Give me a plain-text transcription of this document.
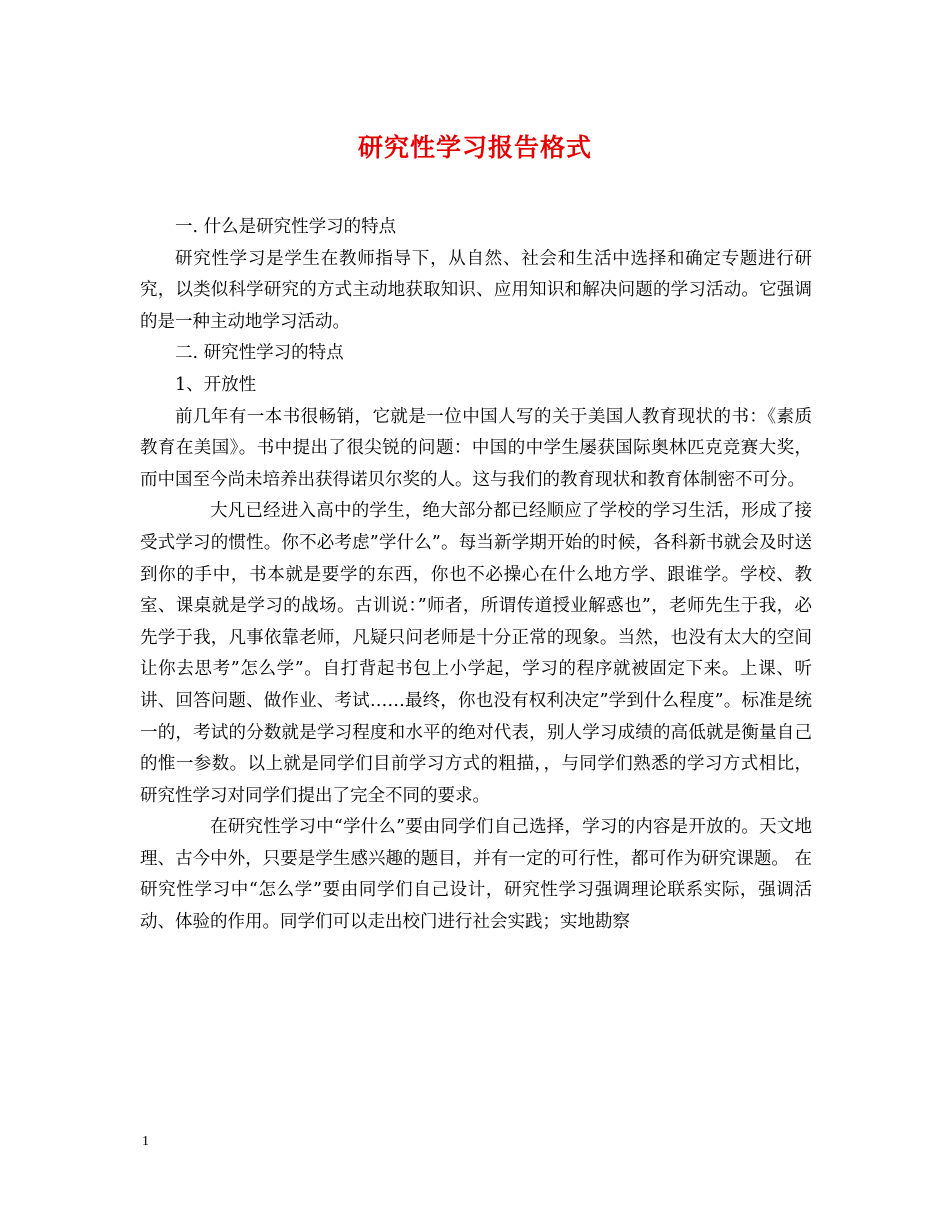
研究性学习报告格式

一. 什么是研究性学习的特点

研究性学习是学生在教师指导下，从自然、社会和生活中选择和确定专题进行研究，以类似科学研究的方式主动地获取知识、应用知识和解决问题的学习活动。它强调的是一种主动地学习活动。

二. 研究性学习的特点

1、开放性

前几年有一本书很畅销，它就是一位中国人写的关于美国人教育现状的书：《素质教育在美国》。书中提出了很尖锐的问题：中国的中学生屡获国际奥林匹克竞赛大奖，而中国至今尚未培养出获得诺贝尔奖的人。这与我们的教育现状和教育体制密不可分。

大凡已经进入高中的学生，绝大部分都已经顺应了学校的学习生活，形成了接受式学习的惯性。你不必考虑”学什么”。每当新学期开始的时候，各科新书就会及时送到你的手中，书本就是要学的东西，你也不必操心在什么地方学、跟谁学。学校、教室、课桌就是学习的战场。古训说：”师者，所谓传道授业解惑也”，老师先生于我，必先学于我，凡事依靠老师，凡疑只问老师是十分正常的现象。当然，也没有太大的空间让你去思考”怎么学”。自打背起书包上小学起，学习的程序就被固定下来。上课、听讲、回答问题、做作业、考试……最终，你也没有权利决定”学到什么程度”。标准是统一的，考试的分数就是学习程度和水平的绝对代表，别人学习成绩的高低就是衡量自己的惟一参数。以上就是同学们目前学习方式的粗描，，与同学们熟悉的学习方式相比，研究性学习对同学们提出了完全不同的要求。

在研究性学习中“学什么”要由同学们自己选择，学习的内容是开放的。天文地理、古今中外，只要是学生感兴趣的题目，并有一定的可行性，都可作为研究课题。 在研究性学习中“怎么学”要由同学们自己设计，研究性学习强调理论联系实际，强调活动、体验的作用。同学们可以走出校门进行社会实践；实地勘察

1
